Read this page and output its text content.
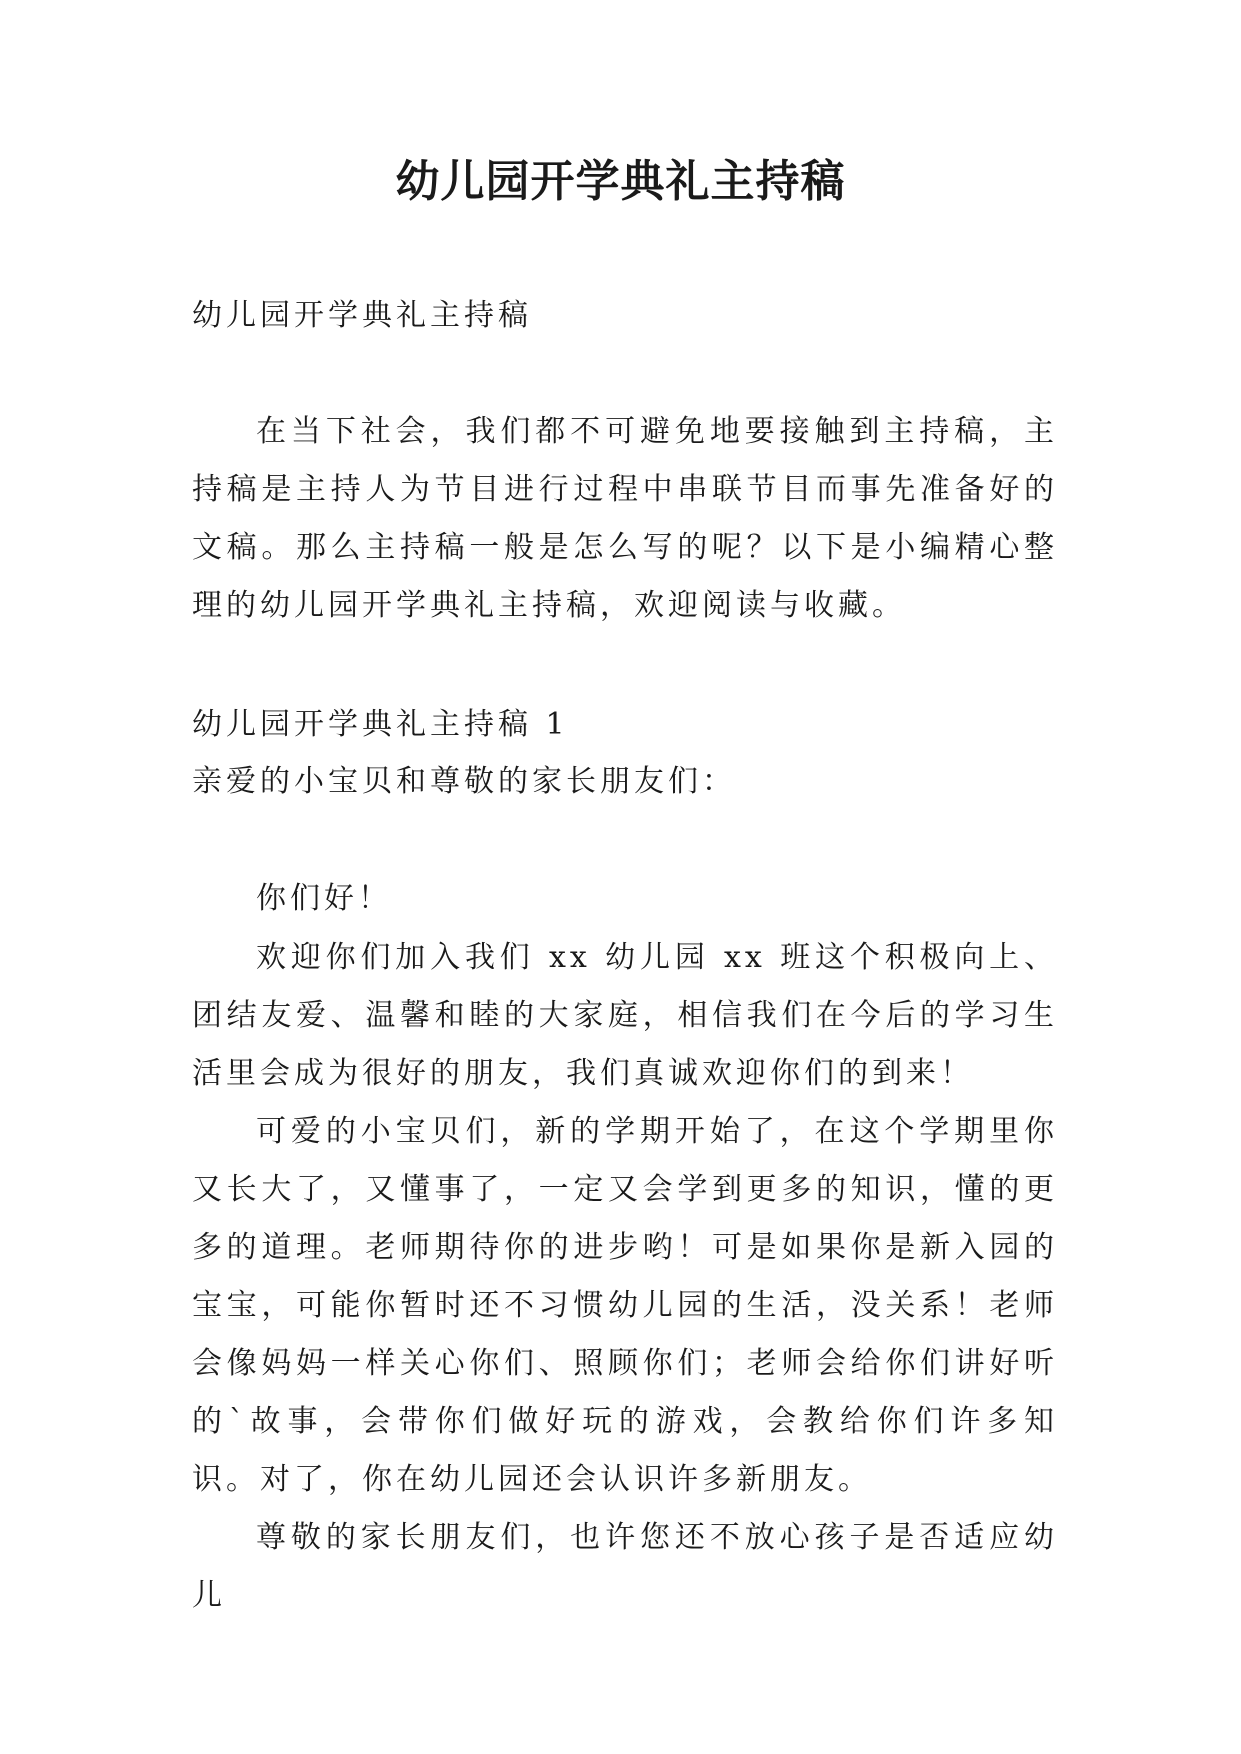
幼儿园开学典礼主持稿

幼儿园开学典礼主持稿

在当下社会，我们都不可避免地要接触到主持稿，主持稿是主持人为节目进行过程中串联节目而事先准备好的文稿。那么主持稿一般是怎么写的呢？以下是小编精心整理的幼儿园开学典礼主持稿，欢迎阅读与收藏。

幼儿园开学典礼主持稿 1

亲爱的小宝贝和尊敬的家长朋友们：

你们好！

欢迎你们加入我们 xx 幼儿园 xx 班这个积极向上、团结友爱、温馨和睦的大家庭，相信我们在今后的学习生活里会成为很好的朋友，我们真诚欢迎你们的到来！

可爱的小宝贝们，新的学期开始了，在这个学期里你又长大了，又懂事了，一定又会学到更多的知识，懂的更多的道理。老师期待你的进步哟！可是如果你是新入园的宝宝，可能你暂时还不习惯幼儿园的生活，没关系！老师会像妈妈一样关心你们、照顾你们；老师会给你们讲好听的`故事，会带你们做好玩的游戏，会教给你们许多知识。对了，你在幼儿园还会认识许多新朋友。

尊敬的家长朋友们，也许您还不放心孩子是否适应幼儿
